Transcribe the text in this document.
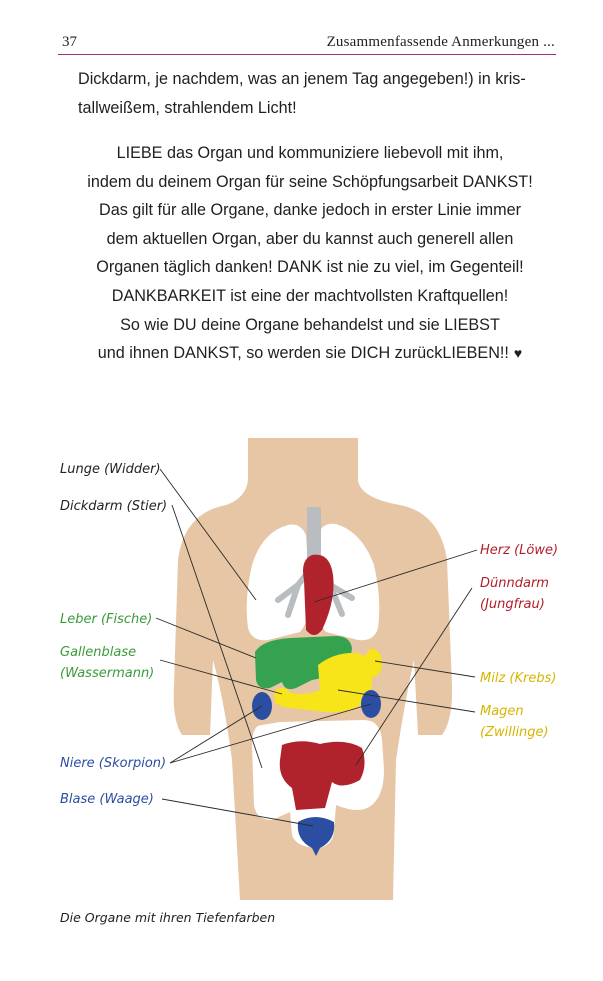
37	Zusammenfassende Anmerkungen ...
Dickdarm, je nachdem, was an jenem Tag angegeben!) in kris-
tallweißem, strahlendem Licht!
LIEBE das Organ und kommuniziere liebevoll mit ihm,
indem du deinem Organ für seine Schöpfungsarbeit DANKST!
Das gilt für alle Organe, danke jedoch in erster Linie immer
dem aktuellen Organ, aber du kannst auch generell allen
Organen täglich danken! DANK ist nie zu viel, im Gegenteil!
DANKBARKEIT ist eine der machtvollsten Kraftquellen!
So wie DU deine Organe behandelst und sie LIEBST
und ihnen DANKST, so werden sie DICH zurückLIEBEN!! ♥
Lunge (Widder)
Dickdarm (Stier)
Leber (Fische)
Gallenblase
(Wassermann)
Niere (Skorpion)
Blase (Waage)
Herz (Löwe)
Dünndarm
(Jungfrau)
Milz (Krebs)
Magen
(Zwillinge)
Die Organe mit ihren Tiefenfarben
